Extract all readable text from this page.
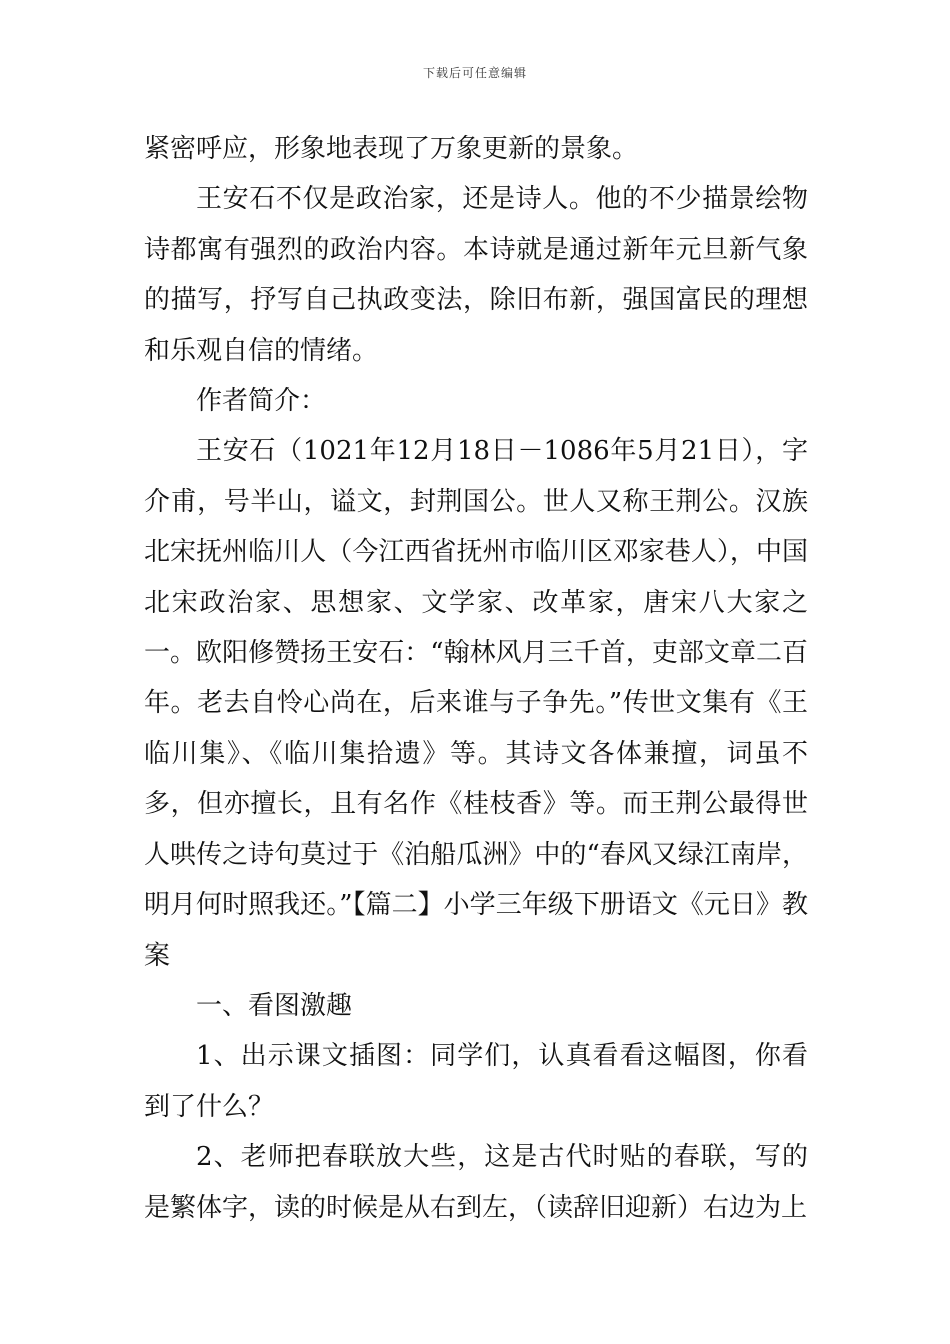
下载后可任意编辑

紧密呼应，形象地表现了万象更新的景象。

王安石不仅是政治家，还是诗人。他的不少描景绘物诗都寓有强烈的政治内容。本诗就是通过新年元旦新气象的描写，抒写自己执政变法，除旧布新，强国富民的理想和乐观自信的情绪。

作者简介：

王安石（1021年12月18日－1086年5月21日），字介甫，号半山，谥文，封荆国公。世人又称王荆公。汉族北宋抚州临川人（今江西省抚州市临川区邓家巷人），中国北宋政治家、思想家、文学家、改革家，唐宋八大家之一。欧阳修赞扬王安石：“翰林风月三千首，吏部文章二百年。老去自怜心尚在，后来谁与子争先。”传世文集有《王临川集》、《临川集拾遗》等。其诗文各体兼擅，词虽不多，但亦擅长，且有名作《桂枝香》等。而王荆公最得世人哄传之诗句莫过于《泊船瓜洲》中的“春风又绿江南岸，明月何时照我还。”【篇二】小学三年级下册语文《元日》教案

一、看图激趣

1、出示课文插图：同学们，认真看看这幅图，你看到了什么？

2、老师把春联放大些，这是古代时贴的春联，写的是繁体字，读的时候是从右到左，（读辞旧迎新）右边为上
